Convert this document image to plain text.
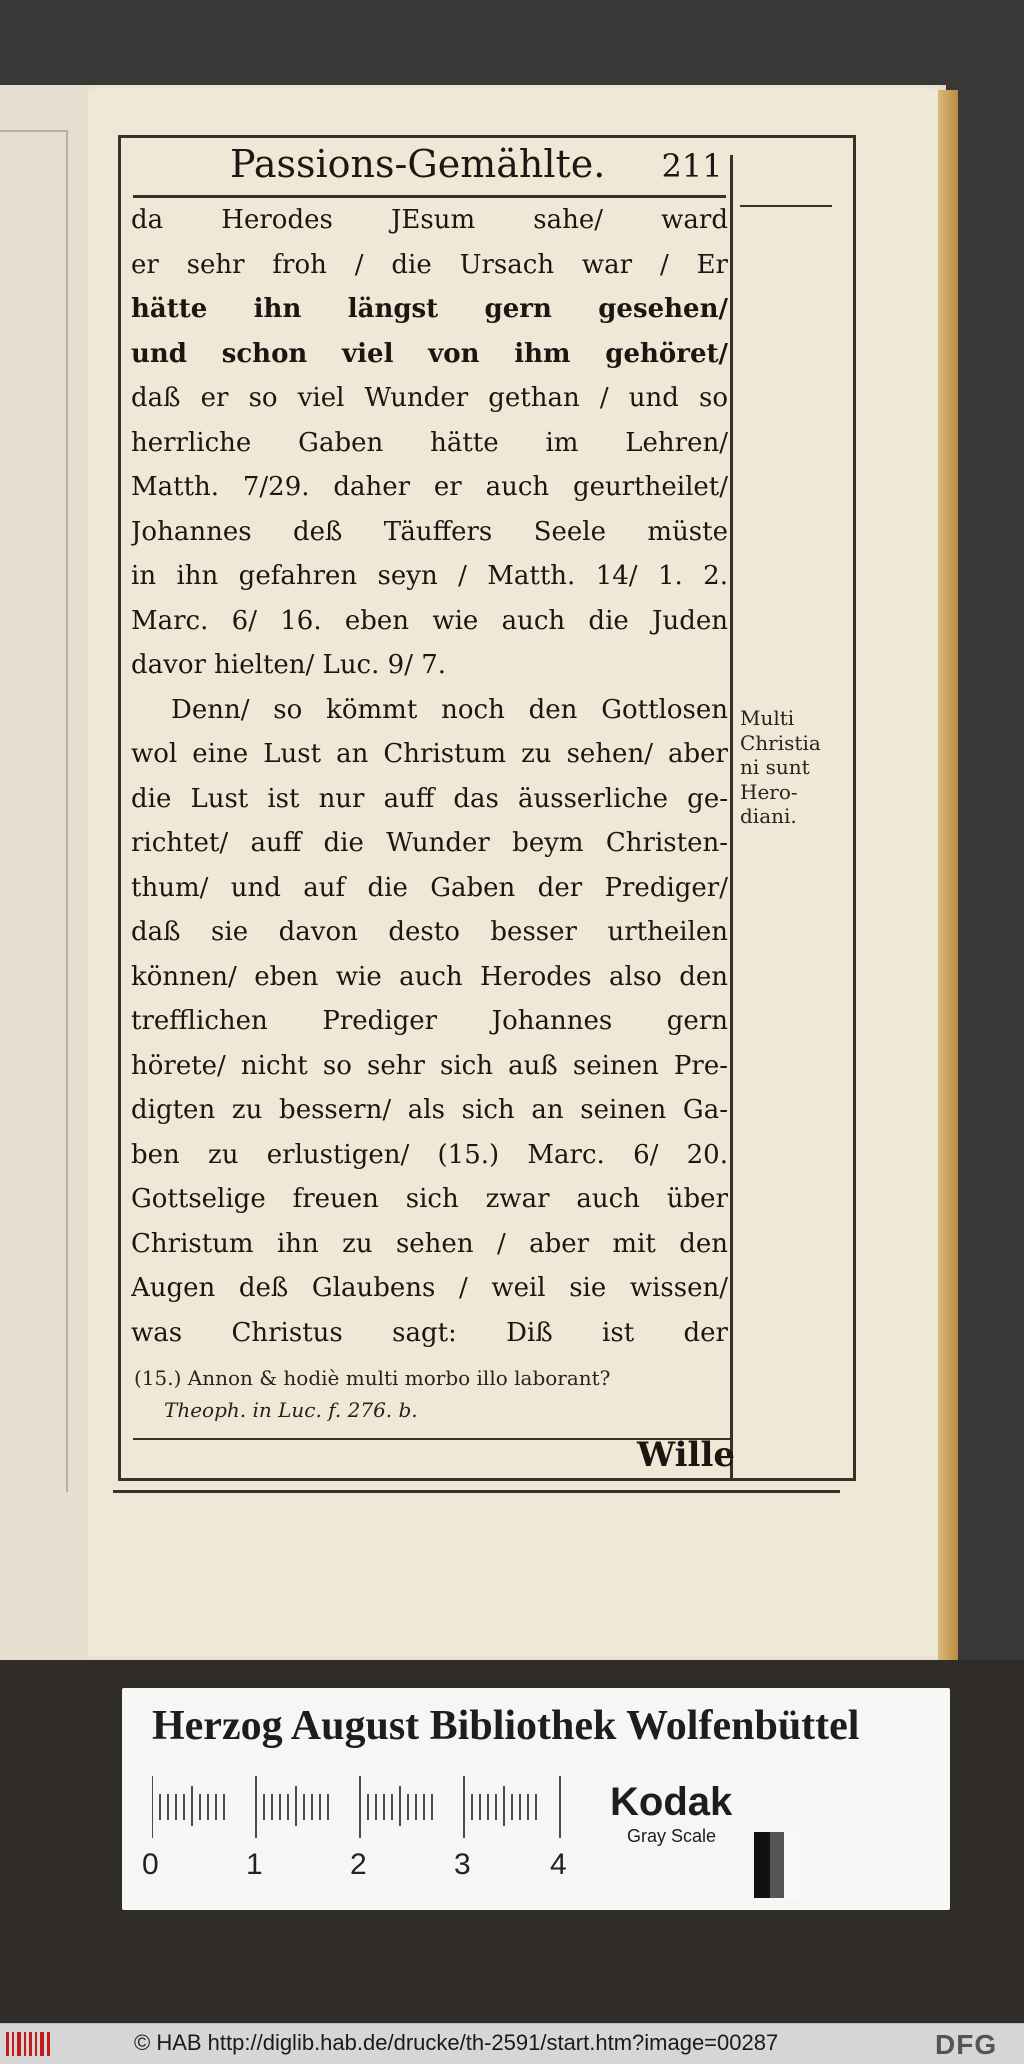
Passions-Gemählte. 211
da Herodes JEsum sahe/ ward
er sehr froh / die Ursach war / Er
hätte ihn längst gern gesehen/
und schon viel von ihm gehöret/
daß er so viel Wunder gethan / und so
herrliche Gaben hätte im Lehren/
Matth. 7/29. daher er auch geurtheilet/
Johannes deß Täuffers Seele müste
in ihn gefahren seyn / Matth. 14/ 1. 2.
Marc. 6/ 16. eben wie auch die Juden
davor hielten/ Luc. 9/ 7.
Denn/ so kömmt noch den Gottlosen
wol eine Lust an Christum zu sehen/ aber
die Lust ist nur auff das äusserliche ge-
richtet/ auff die Wunder beym Christen-
thum/ und auf die Gaben der Prediger/
daß sie davon desto besser urtheilen
können/ eben wie auch Herodes also den
trefflichen Prediger Johannes gern
hörete/ nicht so sehr sich auß seinen Pre-
digten zu bessern/ als sich an seinen Ga-
ben zu erlustigen/ (15.) Marc. 6/ 20.
Gottselige freuen sich zwar auch über
Christum ihn zu sehen / aber mit den
Augen deß Glaubens / weil sie wissen/
was Christus sagt: Diß ist der
Multi
Christia
ni sunt
Hero-
diani.
(15.) Annon & hodiè multi morbo illo laborant?
Theoph. in Luc. f. 276. b.
Wille
Herzog August Bibliothek Wolfenbüttel
0	1	2	3	4
Kodak
Gray Scale
© HAB http://diglib.hab.de/drucke/th-2591/start.htm?image=00287	DFG
